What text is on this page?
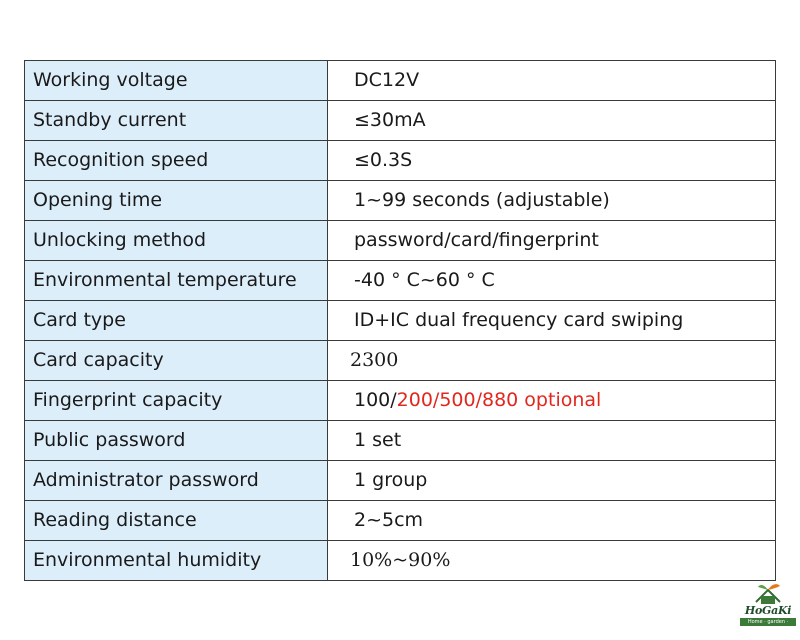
Working voltage	DC12V
Standby current	≤30mA
Recognition speed	≤0.3S
Opening time	1~99 seconds (adjustable)
Unlocking method	password/card/fingerprint
Environmental temperature	-40 ° C~60 ° C
Card type	ID+IC dual frequency card swiping
Card capacity	2300
Fingerprint capacity	100/200/500/880 optional
Public password	1 set
Administrator password	1 group
Reading distance	2~5cm
Environmental humidity	10%~90%
HoGaKi
Home · garden · kitchen
